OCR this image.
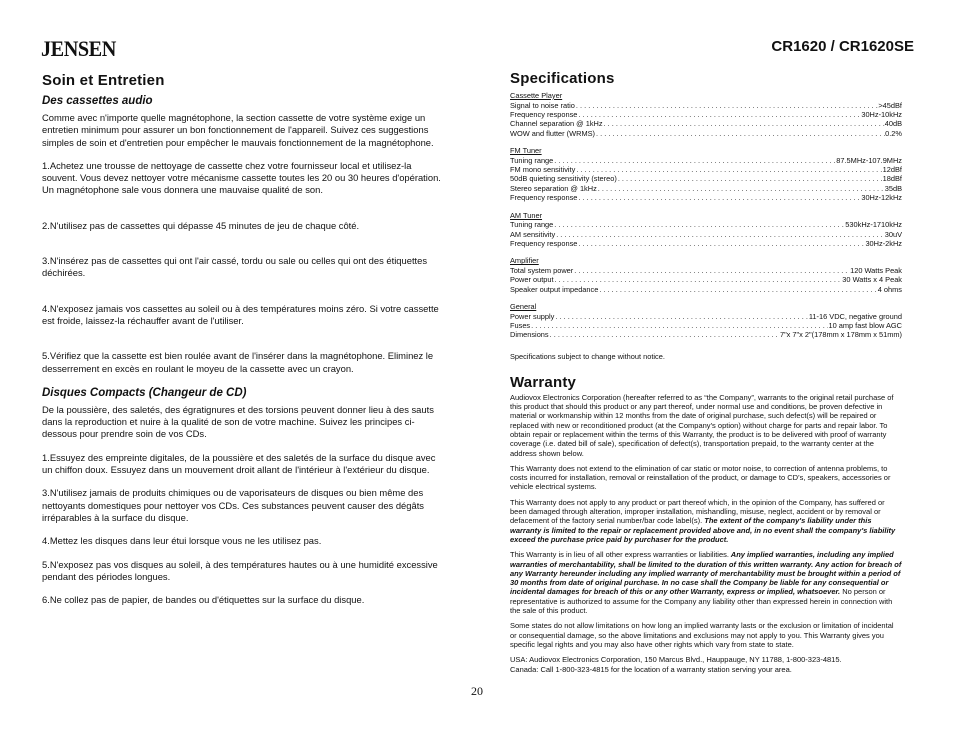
JENSEN	CR1620 / CR1620SE
Soin et Entretien
Des cassettes audio

Comme avec n'importe quelle magnétophone, la section cassette de votre système exige un entretien minimum pour assurer un bon fonctionnement de l'appareil. Suivez ces suggestions simples de soin et d'entretien pour empêcher le mauvais fonctionnement de la magnétophone.

1.Achetez une trousse de nettoyage de cassette chez votre fournisseur local et utilisez-la souvent. Vous devez nettoyer votre mécanisme cassette toutes les 20 ou 30 heures d'opération. Un magnétophone sale vous donnera une mauvaise qualité de son.

2.N'utilisez pas de cassettes qui dépasse 45 minutes de jeu de chaque côté.

3.N'insérez pas de cassettes qui ont l'air cassé, tordu ou sale ou celles qui ont des étiquettes déchirées.

4.N'exposez jamais vos cassettes au soleil ou à des températures moins zéro. Si votre cassette est froide, laissez-la réchauffer avant de l'utiliser.

5.Vérifiez que la cassette est bien roulée avant de l'insérer dans la magnétophone. Eliminez le desserrement en excès en roulant le moyeu de la cassette avec un crayon.

Disques Compacts (Changeur de CD)

De la poussière, des saletés, des égratignures et des torsions peuvent donner lieu à des sauts dans la reproduction et nuire à la qualité de son de votre machine. Suivez les principes ci-dessous pour prendre soin de vos CDs.

1.Essuyez des empreinte digitales, de la poussière et des saletés de la surface du disque avec un chiffon doux. Essuyez dans un mouvement droit allant de l'intérieur à l'extérieur du disque.

3.N'utilisez jamais de produits chimiques ou de vaporisateurs de disques ou bien même des nettoyants domestiques pour nettoyer vos CDs. Ces substances peuvent causer des dégâts irréparables à la surface du disque.

4.Mettez les disques dans leur étui lorsque vous ne les utilisez pas.

5.N'exposez pas vos disques au soleil, à des températures hautes ou à une humidité excessive pendant des périodes longues.

6.Ne collez pas de papier, de bandes ou d'étiquettes sur la surface du disque.

Specifications
Cassette Player
Signal to noise ratio . . .	>45dBf
Frequency response . . .	30Hz-10kHz
Channel separation @ 1kHz . . .	40dB
WOW and flutter (WRMS) . . .	0.2%
FM Tuner
Tuning range . . .	87.5MHz-107.9MHz
FM mono sensitivity . . .	12dBf
50dB quieting sensitivity (stereo) . . .	18dBf
Stereo separation @ 1kHz . . .	35dB
Frequency response . . .	30Hz-12kHz
AM Tuner
Tuning range . . .	530kHz-1710kHz
AM sensitivity . . .	30uV
Frequency response . . .	30Hz-2kHz
Amplifier
Total system power . . .	120 Watts Peak
Power output . . .	30 Watts x 4 Peak
Speaker output impedance . . .	4 ohms
General
Power supply . . .	11-16 VDC, negative ground
Fuses . . .	10 amp fast blow AGC
Dimensions . . .	7"x 7"x 2"(178mm x 178mm x 51mm)
Specifications subject to change without notice.
Warranty

Audiovox Electronics Corporation (hereafter referred to as “the Company”, warrants to the original retail purchase of this product that should this product or any part thereof, under normal use and conditions, be proven defective in material or workmanship within 12 months from the date of original purchase, such defect(s) will be repaired or replaced with new or reconditioned product (at the Company’s option) without charge for parts and repair labor. To obtain repair or replacement within the terms of this Warranty, the product is to be delivered with proof of warranty coverage (i.e. dated bill of sale), specification of defect(s), transportation prepaid, to the warranty center at the address shown below.

This Warranty does not extend to the elimination of car static or motor noise, to correction of antenna problems, to costs incurred for installation, removal or reinstallation of the product, or damage to CD’s, speakers, accessories or vehicle electrical systems.

This Warranty does not apply to any product or part thereof which, in the opinion of the Company, has suffered or been damaged through alteration, improper installation, mishandling, misuse, neglect, accident or by removal or defacement of the factory serial number/bar code label(s). The extent of the company's liability under this warranty is limited to the repair or replacement provided above and, in no event shall the company's liability exceed the purchase price paid by purchaser for the product.

This Warranty is in lieu of all other express warranties or liabilities. Any implied warranties, including any implied warranties of merchantability, shall be limited to the duration of this written warranty. Any action for breach of any Warranty hereunder including any implied warranty of merchantability must be brought within a period of 30 months from date of original purchase. In no case shall the Company be liable for any consequential or incidental damages for breach of this or any other Warranty, express or implied, whatsoever. No person or representative is authorized to assume for the Company any liability other than expressed herein in connection with the sale of this product.

Some states do not allow limitations on how long an implied warranty lasts or the exclusion or limitation of incidental or consequential damage, so the above limitations and exclusions may not apply to you. This Warranty gives you specific legal rights and you may also have other rights which vary from state to state.

USA: Audiovox Electronics Corporation, 150 Marcus Blvd., Hauppauge, NY 11788, 1-800-323-4815.
Canada: Call 1-800-323-4815 for the location of a warranty station serving your area.

20
